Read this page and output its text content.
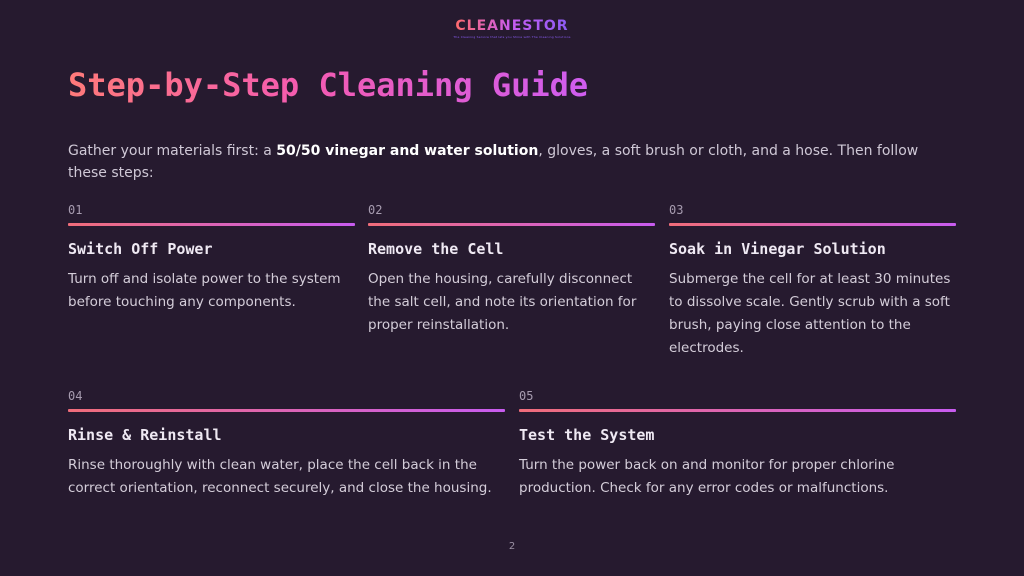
CLEANESTOR
The Cleaning Service that lets you Shine with The Cleaning Solutions
Step-by-Step Cleaning Guide

Gather your materials first: a 50/50 vinegar and water solution, gloves, a soft brush or cloth, and a hose. Then follow these steps:

01
Switch Off Power
Turn off and isolate power to the system before touching any components.
02
Remove the Cell
Open the housing, carefully disconnect the salt cell, and note its orientation for proper reinstallation.
03
Soak in Vinegar Solution
Submerge the cell for at least 30 minutes to dissolve scale. Gently scrub with a soft brush, paying close attention to the electrodes.
04
Rinse & Reinstall
Rinse thoroughly with clean water, place the cell back in the correct orientation, reconnect securely, and close the housing.
05
Test the System
Turn the power back on and monitor for proper chlorine production. Check for any error codes or malfunctions.
2
